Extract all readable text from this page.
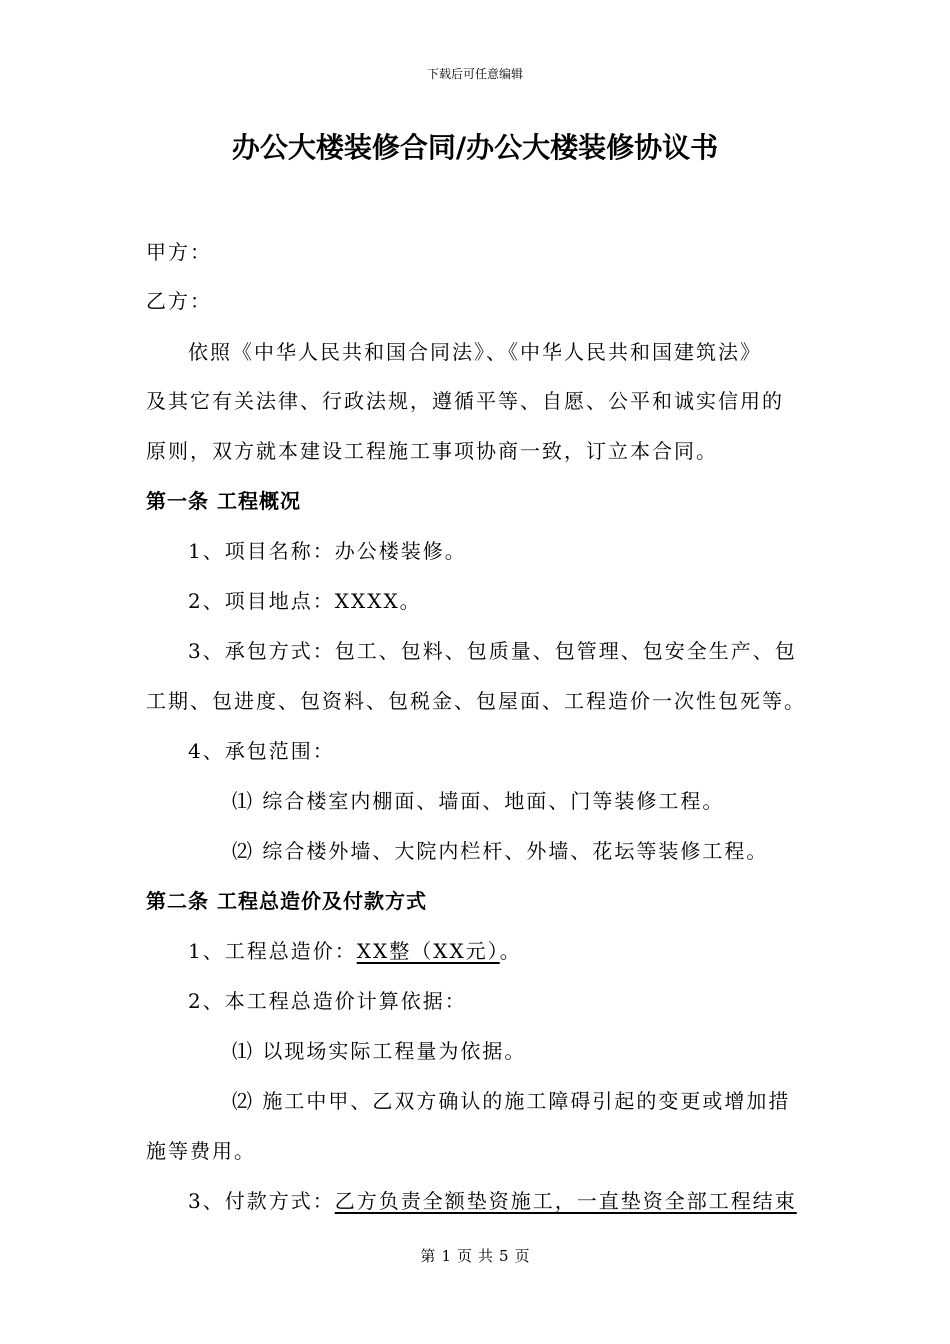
下载后可任意编辑
办公大楼装修合同/办公大楼装修协议书
甲方：
乙方：
依照《中华人民共和国合同法》、《中华人民共和国建筑法》
及其它有关法律、行政法规，遵循平等、自愿、公平和诚实信用的
原则，双方就本建设工程施工事项协商一致，订立本合同。
第一条 工程概况
1、项目名称：办公楼装修。
2、项目地点：XXXX。
3、承包方式：包工、包料、包质量、包管理、包安全生产、包
工期、包进度、包资料、包税金、包屋面、工程造价一次性包死等。
4、承包范围：
⑴ 综合楼室内棚面、墙面、地面、门等装修工程。
⑵ 综合楼外墙、大院内栏杆、外墙、花坛等装修工程。
第二条 工程总造价及付款方式
1、工程总造价：XX整（XX元）。
2、本工程总造价计算依据：
⑴ 以现场实际工程量为依据。
⑵ 施工中甲、乙双方确认的施工障碍引起的变更或增加措
施等费用。
3、付款方式：乙方负责全额垫资施工，一直垫资全部工程结束
第 1 页 共 5 页
